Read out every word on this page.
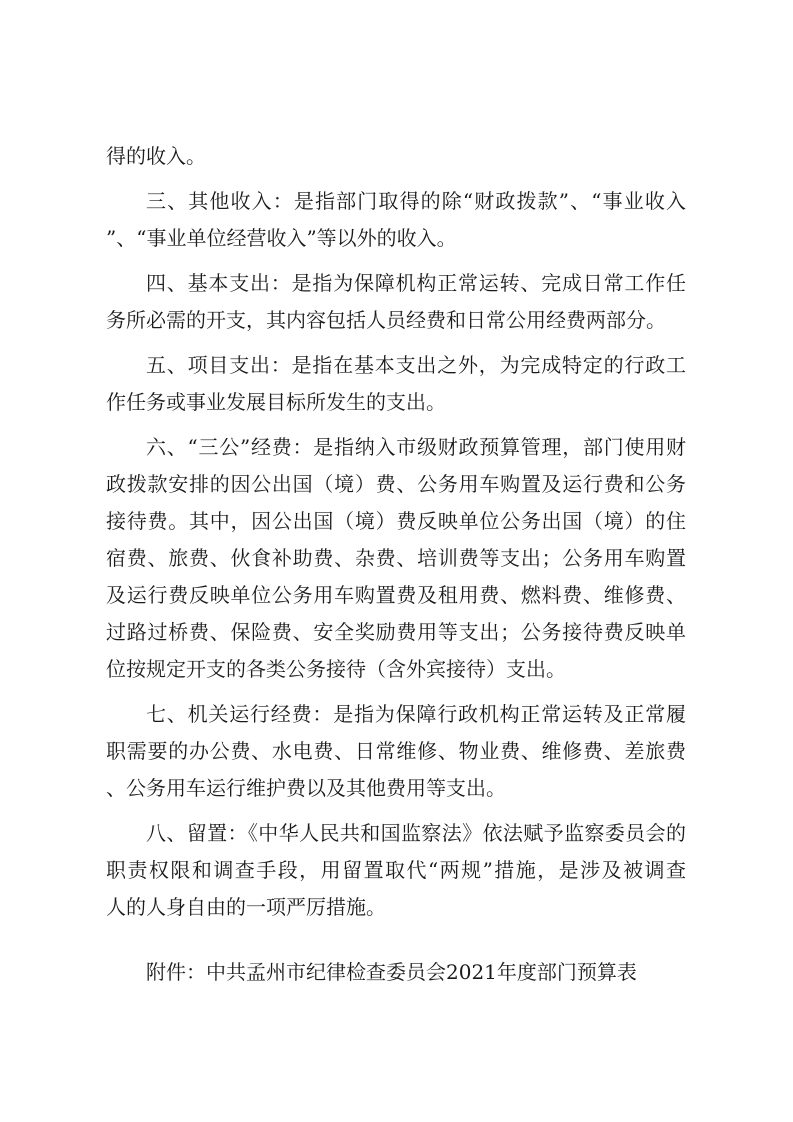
得的收入。
三、其他收入：是指部门取得的除“财政拨款”、“事业收入
”、“事业单位经营收入”等以外的收入。
四、基本支出：是指为保障机构正常运转、完成日常工作任
务所必需的开支，其内容包括人员经费和日常公用经费两部分。
五、项目支出：是指在基本支出之外，为完成特定的行政工
作任务或事业发展目标所发生的支出。
六、“三公”经费：是指纳入市级财政预算管理，部门使用财
政拨款安排的因公出国（境）费、公务用车购置及运行费和公务
接待费。其中，因公出国（境）费反映单位公务出国（境）的住
宿费、旅费、伙食补助费、杂费、培训费等支出；公务用车购置
及运行费反映单位公务用车购置费及租用费、燃料费、维修费、
过路过桥费、保险费、安全奖励费用等支出；公务接待费反映单
位按规定开支的各类公务接待（含外宾接待）支出。
七、机关运行经费：是指为保障行政机构正常运转及正常履
职需要的办公费、水电费、日常维修、物业费、维修费、差旅费
、公务用车运行维护费以及其他费用等支出。
八、留置：《中华人民共和国监察法》依法赋予监察委员会的
职责权限和调查手段，用留置取代“两规”措施，是涉及被调查
人的人身自由的一项严厉措施。
附件：中共孟州市纪律检查委员会2021年度部门预算表
